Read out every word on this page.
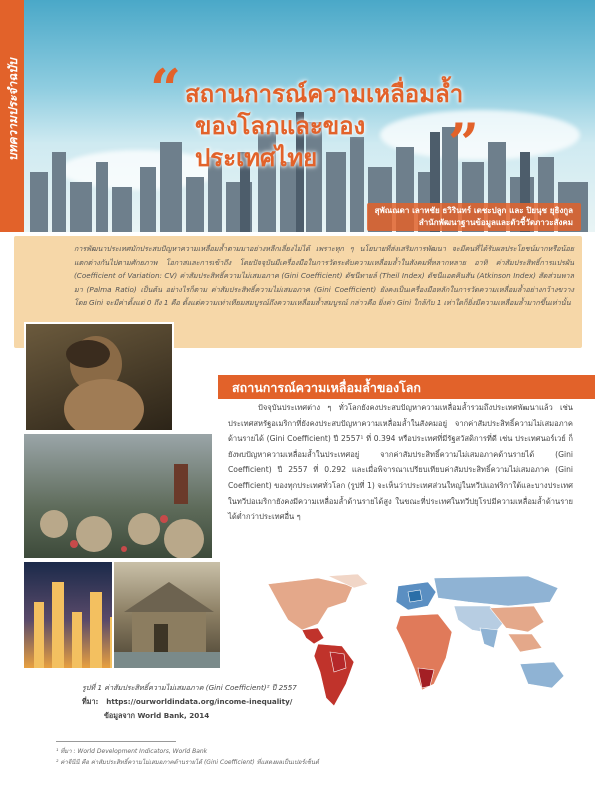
บทความประจำฉบับ “ สถานการณ์ความเหลื่อมล้ำ
ของโลกและของประเทศไทย	”
สุพัณณดา เลาหชัย ธวิรินทร์ เตชะปลูก และ ปิยนุช ยุธิงกูล
สำนักพัฒนาฐานข้อมูลและตัวชี้วัดภาวะสังคม

การพัฒนาประเทศมักประสบปัญหาความเหลื่อมล้ำตามมาอย่างหลีกเลี่ยงไม่ได้ เพราะทุก ๆ นโยบายที่ส่งเสริมการพัฒนา จะมีคนที่ได้รับผลประโยชน์มากหรือน้อย แตกต่างกันไปตามศักยภาพ โอกาสและการเข้าถึง โดยปัจจุบันมีเครื่องมือในการวัดระดับความเหลื่อมล้ำในสังคมที่หลากหลาย อาทิ ค่าสัมประสิทธิ์การแปรผัน (Coefficient of Variation: CV) ค่าสัมประสิทธิ์ความไม่เสมอภาค (Gini Coefficient) ดัชนีทายล์ (Theil Index) ดัชนีแอตคินสัน (Atkinson Index) สัดส่วนพาลมา (Palma Ratio) เป็นต้น อย่างไรก็ตาม ค่าสัมประสิทธิ์ความไม่เสมอภาค (Gini Coefficient) ยังคงเป็นเครื่องมือหลักในการวัดความเหลื่อมล้ำอย่างกว้างขวาง โดย Gini จะมีค่าตั้งแต่ 0 ถึง 1 คือ ตั้งแต่ความเท่าเทียมสมบูรณ์ถึงความเหลื่อมล้ำสมบูรณ์ กล่าวคือ ยิ่งค่า Gini ใกล้กับ 1 เท่าใดก็ยิ่งมีความเหลื่อมล้ำมากขึ้นเท่านั้น

สถานการณ์ความเหลื่อมล้ำของโลก
ปัจจุบันประเทศต่าง ๆ ทั่วโลกยังคงประสบปัญหาความเหลื่อมล้ำรวมถึงประเทศพัฒนาแล้ว เช่น ประเทศสหรัฐอเมริกาที่ยังคงประสบปัญหาความเหลื่อมล้ำในสังคมอยู่ จากค่าสัมประสิทธิ์ความไม่เสมอภาคด้านรายได้ (Gini Coefficient) ปี 2557¹ ที่ 0.394 หรือประเทศที่มีรัฐสวัสดิการที่ดี เช่น ประเทศนอร์เวย์ ก็ยังพบปัญหาความเหลื่อมล้ำในประเทศอยู่ จากค่าสัมประสิทธิ์ความไม่เสมอภาคด้านรายได้ (Gini Coefficient) ปี 2557 ที่ 0.292 และเมื่อพิจารณาเปรียบเทียบค่าสัมประสิทธิ์ความไม่เสมอภาค (Gini Coefficient) ของทุกประเทศทั่วโลก (รูปที่ 1) จะเห็นว่าประเทศส่วนใหญ่ในทวีปแอฟริกาใต้และบางประเทศในทวีปอเมริกายังคงมีความเหลื่อมล้ำด้านรายได้สูง ในขณะที่ประเทศในทวีปยุโรปมีความเหลื่อมล้ำด้านรายได้ต่ำกว่าประเทศอื่น ๆ
รูปที่ 1 ค่าสัมประสิทธิ์ความไม่เสมอภาค (Gini Coefficient)² ปี 2557
ที่มา: https://ourworldindata.org/income-inequality/
ข้อมูลจาก World Bank, 2014
¹ ที่มา : World Development Indicators, World Bank
² ค่าจีนีนี คือ ค่าสัมประสิทธิ์ความไม่เสมอภาคด้านรายได้ (Gini Coefficient) ที่แสดงผลเป็นเปอร์เซ็นต์
